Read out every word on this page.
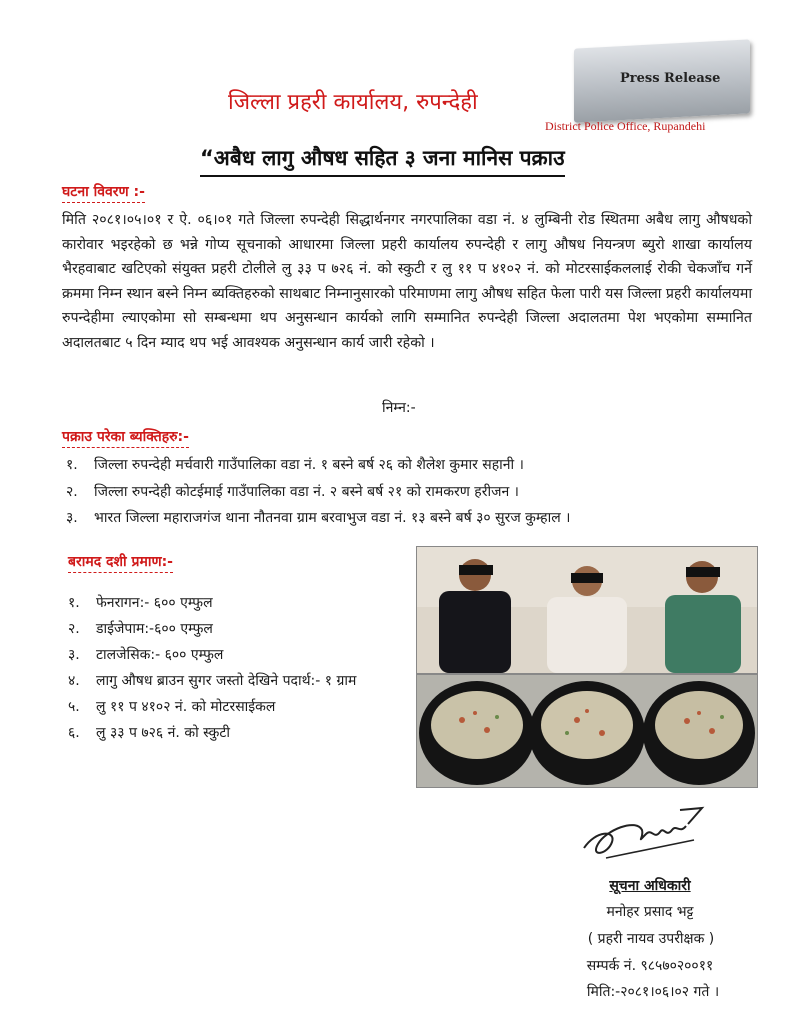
Press Release
जिल्ला प्रहरी कार्यालय, रुपन्देही
District Police Office, Rupandehi
“अबैध लागु औषध सहित ३ जना मानिस पक्राउ
घटना विवरण :-
मिति २०८१।०५।०१ र ऐ. ०६।०१ गते जिल्ला रुपन्देही सिद्धार्थनगर नगरपालिका वडा नं. ४ लुम्बिनी रोड स्थितमा अबैध लागु औषधको कारोवार भइरहेको छ भन्ने गोप्य सूचनाको आधारमा जिल्ला प्रहरी कार्यालय रुपन्देही र लागु औषध नियन्त्रण ब्युरो शाखा कार्यालय भैरहवाबाट खटिएको संयुक्त प्रहरी टोलीले लु ३३ प ७२६ नं. को स्कुटी र लु ११ प ४१०२ नं. को मोटरसाईकललाई रोकी चेकजाँच गर्ने क्रममा निम्न स्थान बस्ने निम्न ब्यक्तिहरुको साथबाट निम्नानुसारको परिमाणमा लागु औषध सहित फेला पारी यस जिल्ला प्रहरी कार्यालयमा रुपन्देहीमा ल्याएकोमा सो सम्बन्धमा थप अनुसन्धान कार्यको लागि सम्मानित रुपन्देही जिल्ला अदालतमा पेश भएकोमा सम्मानित अदालतबाट ५ दिन म्याद थप भई आवश्यक अनुसन्धान कार्य जारी रहेको ।
निम्न:-
पक्राउ परेका ब्यक्तिहरु:-
१. जिल्ला रुपन्देही मर्चवारी गाउँपालिका वडा नं. १ बस्ने बर्ष २६ को शैलेश कुमार सहानी ।
२. जिल्ला रुपन्देही कोटईमाई गाउँपालिका वडा नं. २ बस्ने बर्ष २१ को रामकरण हरीजन ।
३. भारत जिल्ला महाराजगंज थाना नौतनवा ग्राम बरवाभुज वडा नं. १३ बस्ने बर्ष ३० सुरज कुम्हाल ।
बरामद दशी प्रमाण:-
१. फेनरागन:- ६०० एम्फुल
२. डाईजेपाम:-६०० एम्फुल
३. टालजेसिक:- ६०० एम्फुल
४. लागु औषध ब्राउन सुगर जस्तो देखिने पदार्थ:- १ ग्राम
५. लु ११ प ४१०२ नं. को मोटरसाईकल
६. लु ३३ प ७२६ नं. को स्कुटी
सूचना अधिकारी
मनोहर प्रसाद भट्ट
( प्रहरी नायव उपरीक्षक )
सम्पर्क नं. ९८५७०२००११
मिति:-२०८१।०६।०२ गते ।
